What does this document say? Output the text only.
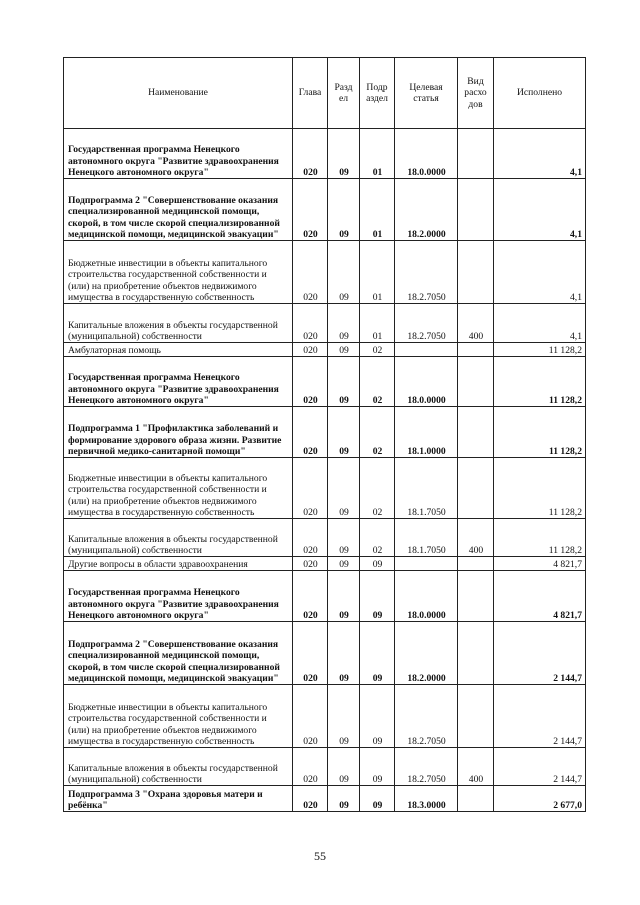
Наименование	Глава	Разд ел	Подр аздел	Целевая статья	Вид расхо дов	Исполнено
Государственная программа Ненецкого автономного округа "Развитие здравоохранения Ненецкого автономного округа"	020	09	01	18.0.0000		4,1
Подпрограмма 2 "Совершенствование оказания специализированной медицинской помощи, скорой, в том числе скорой специализированной медицинской помощи, медицинской эвакуации"	020	09	01	18.2.0000		4,1
Бюджетные инвестиции в объекты капитального строительства государственной собственности и (или) на приобретение объектов недвижимого имущества в государственную собственность	020	09	01	18.2.7050		4,1
Капитальные вложения в объекты государственной (муниципальной) собственности	020	09	01	18.2.7050	400	4,1
Амбулаторная помощь	020	09	02			11 128,2
Государственная программа Ненецкого автономного округа "Развитие здравоохранения Ненецкого автономного округа"	020	09	02	18.0.0000		11 128,2
Подпрограмма 1 "Профилактика заболеваний и формирование здорового образа жизни. Развитие первичной медико-санитарной помощи"	020	09	02	18.1.0000		11 128,2
Бюджетные инвестиции в объекты капитального строительства государственной собственности и (или) на приобретение объектов недвижимого имущества в государственную собственность	020	09	02	18.1.7050		11 128,2
Капитальные вложения в объекты государственной (муниципальной) собственности	020	09	02	18.1.7050	400	11 128,2
Другие вопросы в области здравоохранения	020	09	09			4 821,7
Государственная программа Ненецкого автономного округа "Развитие здравоохранения Ненецкого автономного округа"	020	09	09	18.0.0000		4 821,7
Подпрограмма 2 "Совершенствование оказания специализированной медицинской помощи, скорой, в том числе скорой специализированной медицинской помощи, медицинской эвакуации"	020	09	09	18.2.0000		2 144,7
Бюджетные инвестиции в объекты капитального строительства государственной собственности и (или) на приобретение объектов недвижимого имущества в государственную собственность	020	09	09	18.2.7050		2 144,7
Капитальные вложения в объекты государственной (муниципальной) собственности	020	09	09	18.2.7050	400	2 144,7
Подпрограмма 3 "Охрана здоровья матери и ребёнка"	020	09	09	18.3.0000		2 677,0
55
